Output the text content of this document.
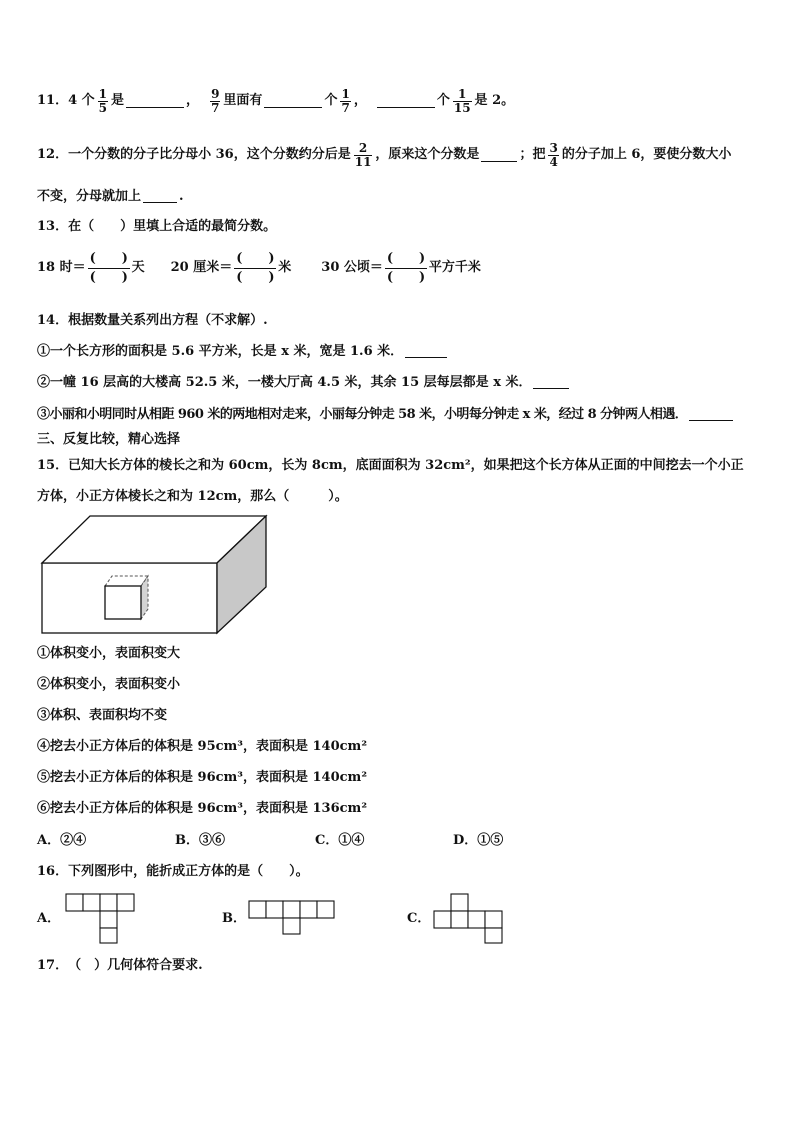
11． 4 个 $\frac{1}{5}$ 是	， $\frac{9}{7}$ 里面有	个 $\frac{1}{7}$ ，	个 $\frac{1}{15}$ 是 2。
12． 一个分数的分子比分母小 36，这个分数约分后是 $\frac{2}{11}$ ，原来这个分数是	；把 $\frac{3}{4}$ 的分子加上 6，要使分数大小
不变，分母就加上	.
13． 在（　　）里填上合适的最简分数。
18 时＝
(　　)
(　　)
天 20 厘米＝
(　　)
(　　)
米 30 公顷＝
(　　)
(　　)
平方千米
14． 根据数量关系列出方程（不求解）.
①一个长方形的面积是 5.6 平方米，长是 x 米，宽是 1.6 米．
②一幢 16 层高的大楼高 52.5 米，一楼大厅高 4.5 米，其余 15 层每层都是 x 米．
③小丽和小明同时从相距 960 米的两地相对走来，小丽每分钟走 58 米，小明每分钟走 x 米，经过 8 分钟两人相遇．
三、反复比较，精心选择
15． 已知大长方体的棱长之和为 60cm，长为 8cm，底面面积为 32cm²，如果把这个长方体从正面的中间挖去一个小正
方体，小正方体棱长之和为 12cm，那么（　　　）。
①体积变小，表面积变大
②体积变小，表面积变小
③体积、表面积均不变
④挖去小正方体后的体积是 95cm³，表面积是 140cm²
⑤挖去小正方体后的体积是 96cm³，表面积是 140cm²
⑥挖去小正方体后的体积是 96cm³，表面积是 136cm²
A．②④	B．③⑥	C．①④	D．①⑤
16． 下列图形中，能折成正方体的是（　　）。
A．	B．	C．
17． （　）几何体符合要求.
